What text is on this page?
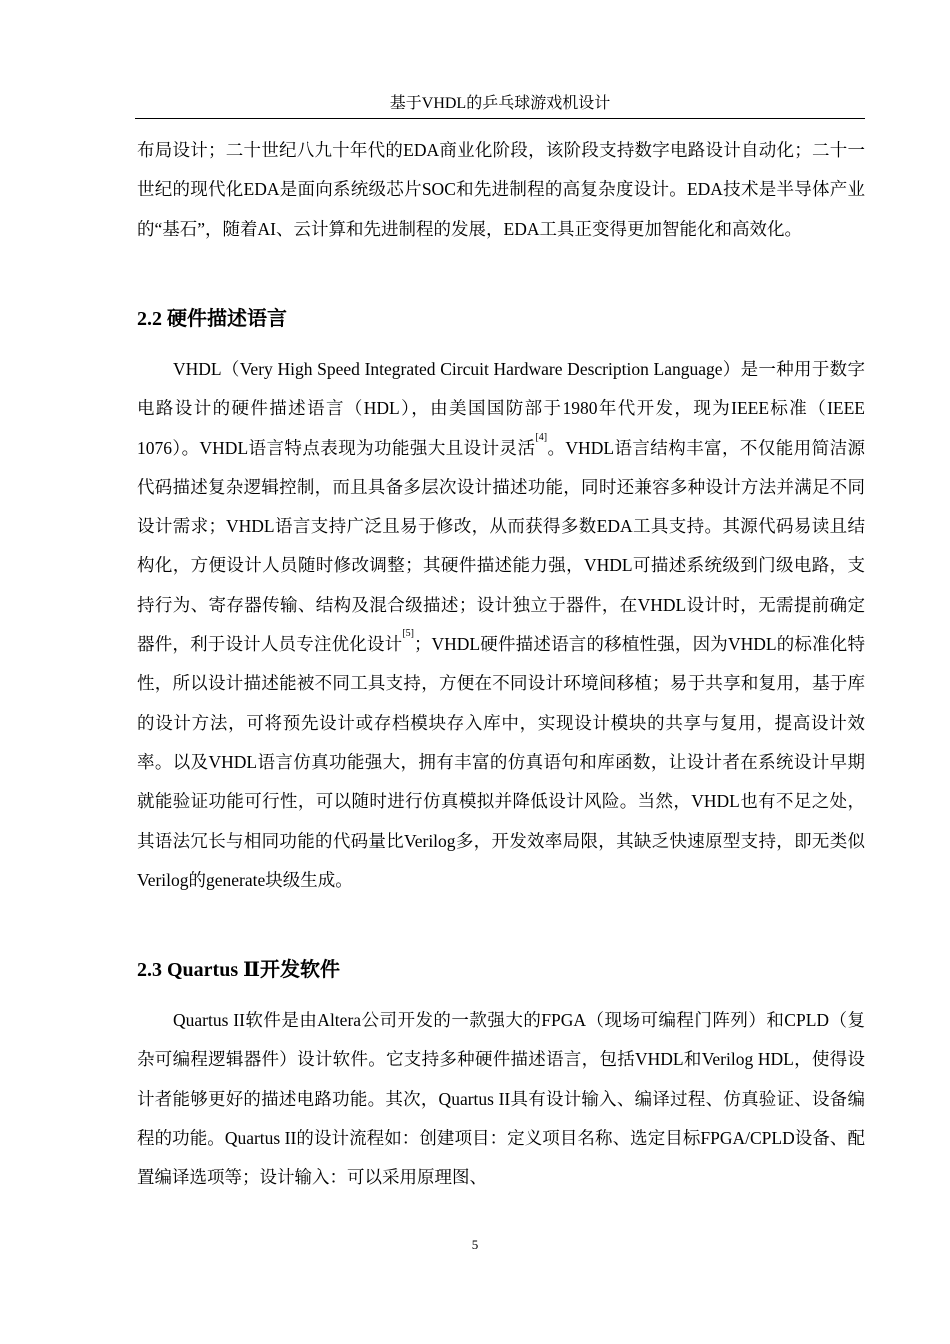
基于VHDL的乒乓球游戏机设计

布局设计；二十世纪八九十年代的EDA商业化阶段，该阶段支持数字电路设计自动化；二十一世纪的现代化EDA是面向系统级芯片SOC和先进制程的高复杂度设计。EDA技术是半导体产业的“基石”，随着AI、云计算和先进制程的发展，EDA工具正变得更加智能化和高效化。

2.2 硬件描述语言

VHDL（Very High Speed Integrated Circuit Hardware Description Language）是一种用于数字电路设计的硬件描述语言（HDL），由美国国防部于1980年代开发，现为IEEE标准（IEEE 1076）。VHDL语言特点表现为功能强大且设计灵活[4]。VHDL语言结构丰富，不仅能用简洁源代码描述复杂逻辑控制，而且具备多层次设计描述功能，同时还兼容多种设计方法并满足不同设计需求；VHDL语言支持广泛且易于修改，从而获得多数EDA工具支持。其源代码易读且结构化，方便设计人员随时修改调整；其硬件描述能力强，VHDL可描述系统级到门级电路，支持行为、寄存器传输、结构及混合级描述；设计独立于器件，在VHDL设计时，无需提前确定器件，利于设计人员专注优化设计[5]；VHDL硬件描述语言的移植性强，因为VHDL的标准化特性，所以设计描述能被不同工具支持，方便在不同设计环境间移植；易于共享和复用，基于库的设计方法，可将预先设计或存档模块存入库中，实现设计模块的共享与复用，提高设计效率。以及VHDL语言仿真功能强大，拥有丰富的仿真语句和库函数，让设计者在系统设计早期就能验证功能可行性，可以随时进行仿真模拟并降低设计风险。当然，VHDL也有不足之处，其语法冗长与相同功能的代码量比Verilog多，开发效率局限，其缺乏快速原型支持，即无类似Verilog的generate块级生成。

2.3 Quartus Ⅱ开发软件

Quartus II软件是由Altera公司开发的一款强大的FPGA（现场可编程门阵列）和CPLD（复杂可编程逻辑器件）设计软件。它支持多种硬件描述语言，包括VHDL和Verilog HDL，使得设计者能够更好的描述电路功能。其次，Quartus II具有设计输入、编译过程、仿真验证、设备编程的功能。Quartus II的设计流程如：创建项目：定义项目名称、选定目标FPGA/CPLD设备、配置编译选项等；设计输入：可以采用原理图、

5
